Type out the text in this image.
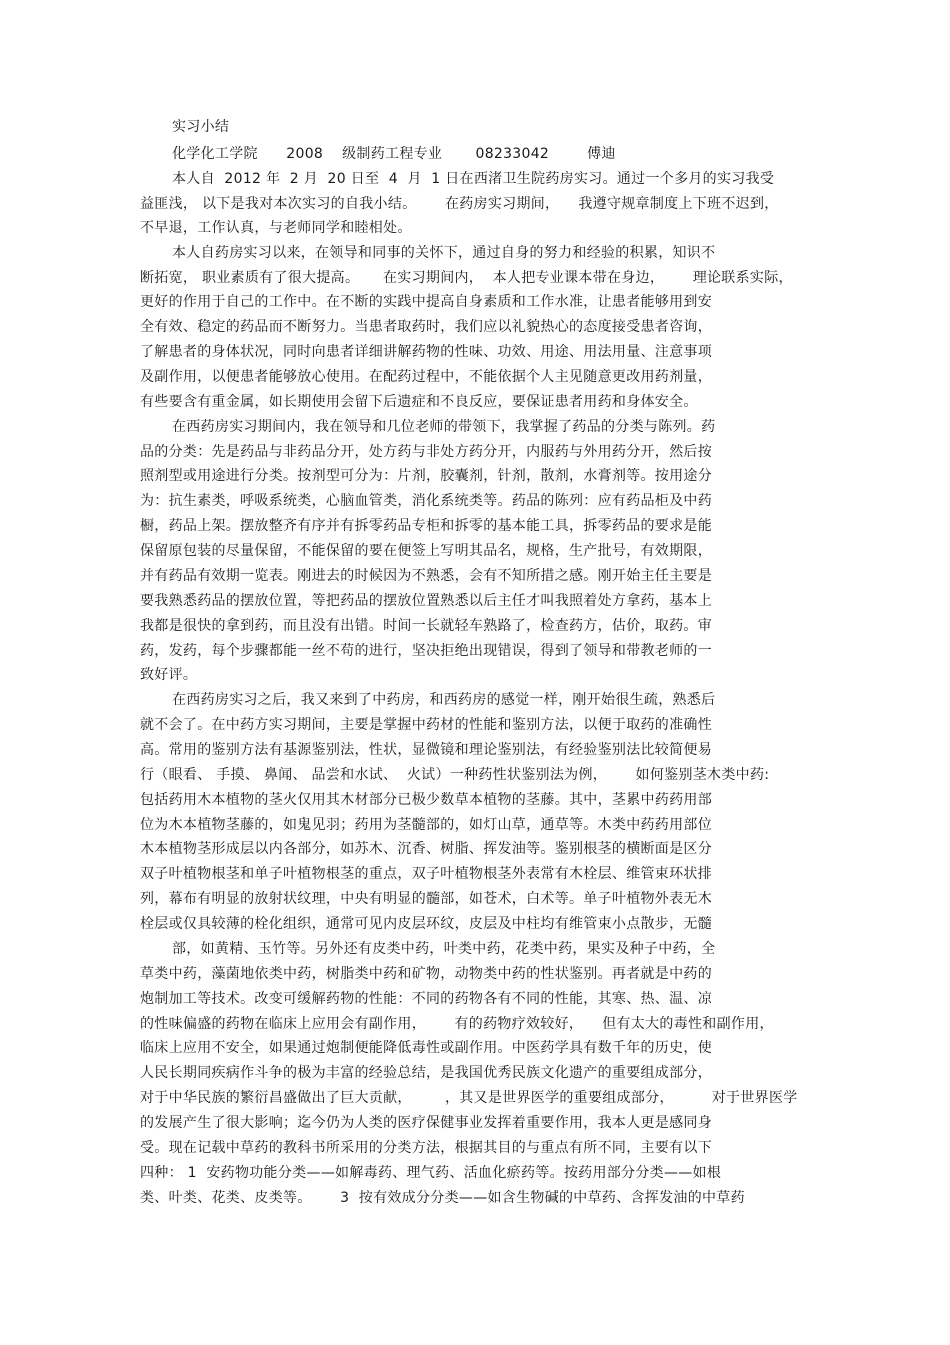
实习小结
化学化工学院      2008    级制药工程专业       08233042        傅迪
本人自  2012 年  2 月  20 日至  4  月  1 日在西渚卫生院药房实习。通过一个多月的实习我受
益匪浅， 以下是我对本次实习的自我小结。      在药房实习期间，    我遵守规章制度上下班不迟到，
不早退，工作认真，与老师同学和睦相处。
本人自药房实习以来，在领导和同事的关怀下，通过自身的努力和经验的积累，知识不
断拓宽， 职业素质有了很大提高。     在实习期间内，  本人把专业课本带在身边，      理论联系实际，
更好的作用于自己的工作中。在不断的实践中提高自身素质和工作水准，让患者能够用到安
全有效、稳定的药品而不断努力。当患者取药时，我们应以礼貌热心的态度接受患者咨询，
了解患者的身体状况，同时向患者详细讲解药物的性味、功效、用途、用法用量、注意事项
及副作用，以便患者能够放心使用。在配药过程中，不能依据个人主见随意更改用药剂量，
有些要含有重金属，如长期使用会留下后遗症和不良反应，要保证患者用药和身体安全。
在西药房实习期间内，我在领导和几位老师的带领下，我掌握了药品的分类与陈列。药
品的分类：先是药品与非药品分开，处方药与非处方药分开，内服药与外用药分开，然后按
照剂型或用途进行分类。按剂型可分为：片剂，胶囊剂，针剂，散剂，水膏剂等。按用途分
为：抗生素类，呼吸系统类，心脑血管类，消化系统类等。药品的陈列：应有药品柜及中药
橱，药品上架。摆放整齐有序并有拆零药品专柜和拆零的基本能工具，拆零药品的要求是能
保留原包装的尽量保留，不能保留的要在便签上写明其品名，规格，生产批号，有效期限，
并有药品有效期一览表。刚进去的时候因为不熟悉，会有不知所措之感。刚开始主任主要是
要我熟悉药品的摆放位置，等把药品的摆放位置熟悉以后主任才叫我照着处方拿药，基本上
我都是很快的拿到药，而且没有出错。时间一长就轻车熟路了，检查药方，估价，取药。审
药，发药，每个步骤都能一丝不苟的进行，坚决拒绝出现错误，得到了领导和带教老师的一
致好评。
在西药房实习之后，我又来到了中药房，和西药房的感觉一样，刚开始很生疏，熟悉后
就不会了。在中药方实习期间，主要是掌握中药材的性能和鉴别方法，以便于取药的准确性
高。常用的鉴别方法有基源鉴别法，性状，显微镜和理论鉴别法，有经验鉴别法比较简便易
行（眼看、 手摸、 鼻闻、 品尝和水试、  火试）一种药性状鉴别法为例，      如何鉴别茎木类中药:
包括药用木本植物的茎火仅用其木材部分已极少数草本植物的茎藤。其中，茎累中药药用部
位为木本植物茎藤的，如鬼见羽；药用为茎髓部的，如灯山草，通草等。木类中药药用部位
木本植物茎形成层以内各部分，如苏木、沉香、树脂、挥发油等。鉴别根茎的横断面是区分
双子叶植物根茎和单子叶植物根茎的重点，双子叶植物根茎外表常有木栓层、维管束环状排
列，幕布有明显的放射状纹理，中央有明显的髓部，如苍术，白术等。单子叶植物外表无木
栓层或仅具较薄的栓化组织，通常可见内皮层环纹，皮层及中柱均有维管束小点散步，无髓
部，如黄精、玉竹等。另外还有皮类中药，叶类中药，花类中药，果实及种子中药，全
草类中药，藻菌地依类中药，树脂类中药和矿物，动物类中药的性状鉴别。再者就是中药的
炮制加工等技术。改变可缓解药物的性能：不同的药物各有不同的性能，其寒、热、温、凉
的性味偏盛的药物在临床上应用会有副作用，      有的药物疗效较好，    但有太大的毒性和副作用，
临床上应用不安全，如果通过炮制便能降低毒性或副作用。中医药学具有数千年的历史，使
人民长期同疾病作斗争的极为丰富的经验总结，是我国优秀民族文化遗产的重要组成部分，
对于中华民族的繁衍昌盛做出了巨大贡献，       ，其又是世界医学的重要组成部分，        对于世界医学
的发展产生了很大影响；迄今仍为人类的医疗保健事业发挥着重要作用，我本人更是感同身
受。现在记载中草药的教科书所采用的分类方法，根据其目的与重点有所不同，主要有以下
四种： 1  安药物功能分类——如解毒药、理气药、活血化瘀药等。按药用部分分类——如根
类、叶类、花类、皮类等。      3  按有效成分分类——如含生物碱的中草药、含挥发油的中草药
